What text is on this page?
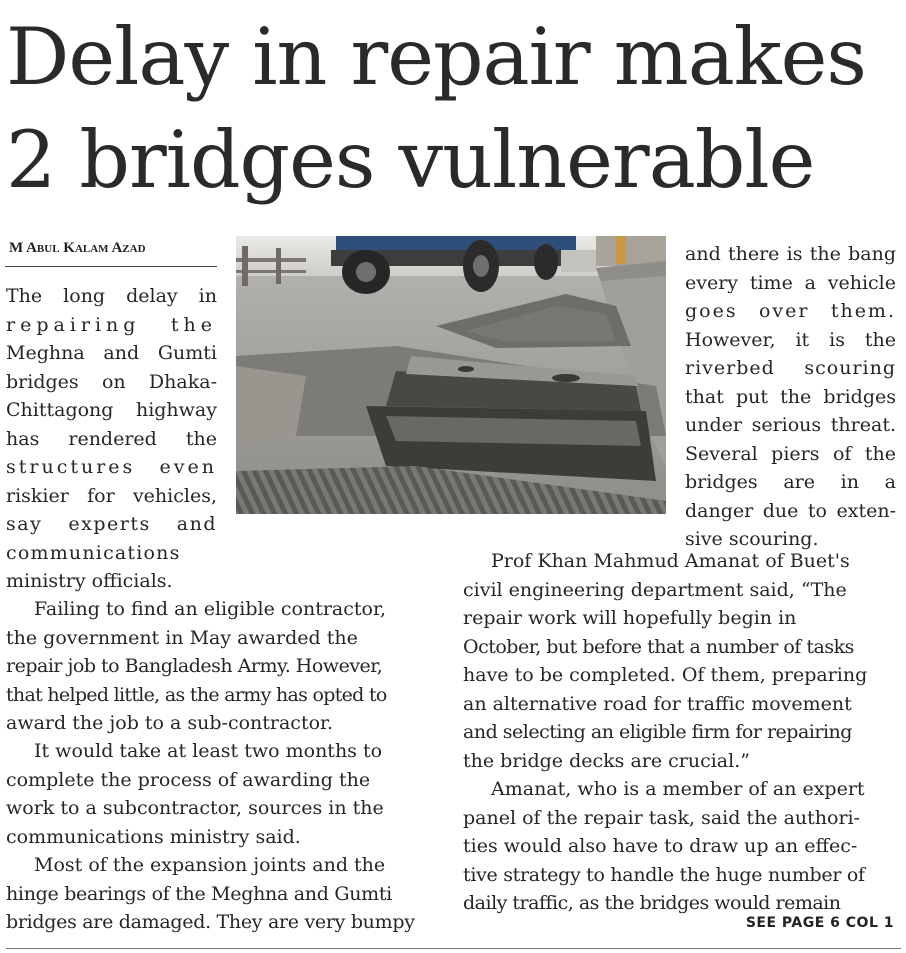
Delay in repair makes
2 bridges vulnerable
M Abul Kalam Azad
The long delay in
repairing the
Meghna and Gumti
bridges on Dhaka-
Chittagong highway
has rendered the
structures even
riskier for vehicles,
say experts and
communications
ministry officials.
Failing to find an eligible contractor,
the government in May awarded the
repair job to Bangladesh Army. However,
that helped little, as the army has opted to
award the job to a sub-contractor.
It would take at least two months to
complete the process of awarding the
work to a subcontractor, sources in the
communications ministry said.
Most of the expansion joints and the
hinge bearings of the Meghna and Gumti
bridges are damaged. They are very bumpy
and there is the bang
every time a vehicle
goes over them.
However, it is the
riverbed scouring
that put the bridges
under serious threat.
Several piers of the
bridges are in a
danger due to exten-
sive scouring.
Prof Khan Mahmud Amanat of Buet's
civil engineering department said, “The
repair work will hopefully begin in
October, but before that a number of tasks
have to be completed. Of them, preparing
an alternative road for traffic movement
and selecting an eligible firm for repairing
the bridge decks are crucial.”
Amanat, who is a member of an expert
panel of the repair task, said the authori-
ties would also have to draw up an effec-
tive strategy to handle the huge number of
daily traffic, as the bridges would remain
SEE PAGE 6 COL 1
